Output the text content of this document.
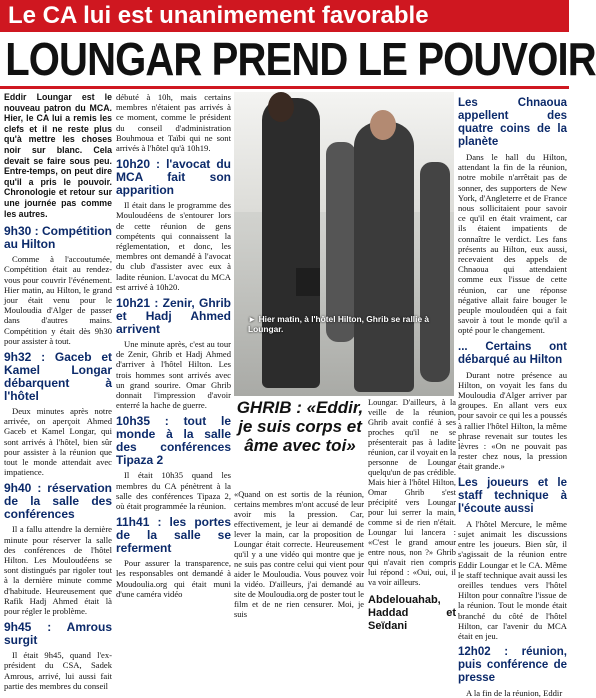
Le CA lui est unanimement favorable
LOUNGAR PREND LE POUVOIR
Eddir Loungar est le nouveau patron du MCA. Hier, le CA lui a remis les clefs et il ne reste plus qu'à mettre les choses noir sur blanc. Cela devait se faire sous peu. Entre-temps, on peut dire qu'il a pris le pouvoir. Chronologie et retour sur une journée pas comme les autres.
9h30 : Compétition au Hilton
Comme à l'accoutumée, Compétition était au rendez-vous pour couvrir l'événement. Hier matin, au Hilton, le grand jour était venu pour le Mouloudia d'Alger de passer dans d'autres mains. Compétition y était dès 9h30 pour assister à tout.
9h32 : Gaceb et Kamel Longar débarquent à l'hôtel
Deux minutes après notre arrivée, on aperçoit Ahmed Gaceb et Kamel Longar, qui sont arrivés à l'hôtel, bien sûr pour assister à la réunion que tout le monde attendait avec impatience.
9h40 : réservation de la salle des conférences
Il a fallu attendre la dernière minute pour réserver la salle des conférences de l'hôtel Hilton. Les Mouloudéens se sont distingués par rigoler tout à la dernière minute comme d'habitude. Heureusement que Rafik Hadj Ahmed était là pour régler le problème.
9h45 : Amrous surgit
Il était 9h45, quand l'ex-président du CSA, Sadek Amrous, arrivé, lui aussi fait partie des membres du conseil
débuté à 10h, mais certains membres n'étaient pas arrivés à ce moment, comme le président du conseil d'administration Bouhmoua et Taïbi qui ne sont arrivés à l'hôtel qu'à 10h19.
10h20 : l'avocat du MCA fait son apparition
Il était dans le programme des Mouloudéens de s'entourer lors de cette réunion de gens compétents qui connaissent la réglementation, et donc, les membres ont demandé à l'avocat du club d'assister avec eux à ladite réunion. L'avocat du MCA est arrivé à 10h20.
10h21 : Zenir, Ghrib et Hadj Ahmed arrivent
Une minute après, c'est au tour de Zenir, Ghrib et Hadj Ahmed d'arriver à l'hôtel Hilton. Les trois hommes sont arrivés avec un grand sourire. Omar Ghrib donnait l'impression d'avoir enterré la hache de guerre.
10h35 : tout le monde à la salle des conférences Tipaza 2
Il était 10h35 quand les membres du CA pénètrent à la salle des conférences Tipaza 2, où était programmée la réunion.
11h41 : les portes de la salle se referment
Pour assurer la transparence, les responsables ont demandé à Moudoulia.org qui était muni d'une caméra vidéo
► Hier matin, à l'hôtel Hilton, Ghrib se rallie à Loungar.
GHRIB : «Eddir, je suis corps et âme avec toi»
«Quand on est sortis de la réunion, certains membres m'ont accusé de leur avoir mis la pression. Car, effectivement, je leur ai demandé de lever la main, car la proposition de Loungar était correcte. Heureusement qu'il y a une vidéo qui montre que je ne suis pas contre celui qui vient pour aider le Mouloudia. Vous pouvez voir la vidéo. D'ailleurs, j'ai demandé au site de Mouloudia.org de poster tout le film et de ne rien censurer. Moi, je suis
Loungar. D'ailleurs, à la veille de la réunion, Ghrib avait confié à ses proches qu'il ne se présenterait pas à ladite réunion, car il voyait en la personne de Loungar quelqu'un de pas crédible. Mais hier à l'hôtel Hilton, Omar Ghrib s'est précipité vers Loungar pour lui serrer la main, comme si de rien n'était. Loungar lui lancera : «C'est le grand amour entre nous, non ?» Ghrib qui n'avait rien compris lui répond : «Oui, oui, il va voir ailleurs.
Abdelouahab, Haddad et Seïdani
Les Chnaoua appellent des quatre coins de la planète
Dans le hall du Hilton, attendant la fin de la réunion, notre mobile n'arrêtait pas de sonner, des supporters de New York, d'Angleterre et de France nous sollicitaient pour savoir ce qu'il en était vraiment, car ils étaient impatients de connaître le verdict. Les fans présents au Hilton, eux aussi, recevaient des appels de Chnaoua qui attendaient comme eux l'issue de cette réunion, car une réponse négative allait faire bouger le peuple mouloudéen qui a fait savoir à tout le monde qu'il a opté pour le changement.
... Certains ont débarqué au Hilton
Durant notre présence au Hilton, on voyait les fans du Mouloudia d'Alger arriver par groupes. En allant vers eux pour savoir ce qui les a poussés à rallier l'hôtel Hilton, la même phrase revenait sur toutes les lèvres : «On ne pouvait pas rester chez nous, la pression était grande.»
Les joueurs et le staff technique à l'écoute aussi
A l'hôtel Mercure, le même sujet animait les discussions entre les joueurs. Bien sûr, il s'agissait de la réunion entre Eddir Loungar et le CA. Même le staff technique avait aussi les oreilles tendues vers l'hôtel Hilton pour connaître l'issue de la réunion. Tout le monde était branché du côté de l'hôtel Hilton, car l'avenir du MCA était en jeu.
12h02 : réunion, puis conférence de presse
A la fin de la réunion, Eddir
